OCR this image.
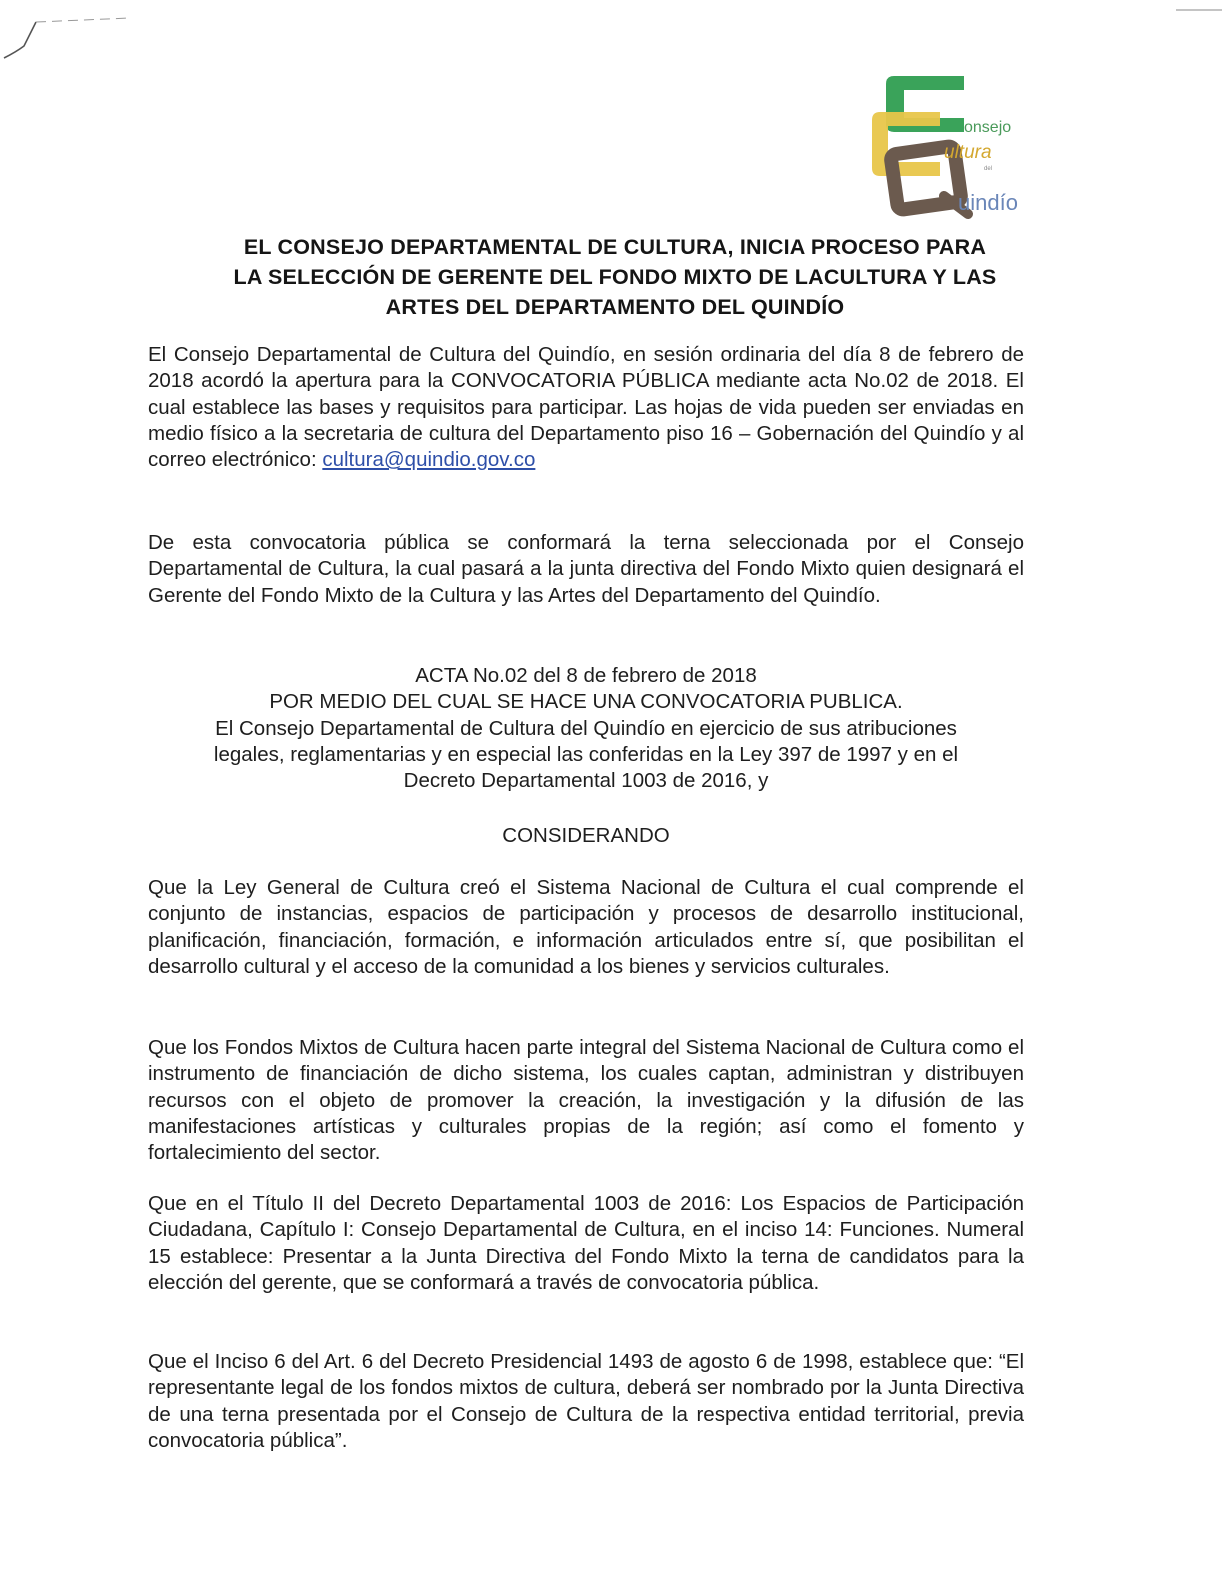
onsejo
ultura
del
uindío
EL CONSEJO DEPARTAMENTAL DE CULTURA, INICIA PROCESO PARA
LA SELECCIÓN DE GERENTE DEL FONDO MIXTO DE LACULTURA Y LAS
ARTES DEL DEPARTAMENTO DEL QUINDÍO
El Consejo Departamental de Cultura del Quindío, en sesión ordinaria del día 8 de febrero de 2018 acordó la apertura para la CONVOCATORIA PÚBLICA mediante acta No.02 de 2018. El cual establece las bases y requisitos para participar. Las hojas de vida pueden ser enviadas en medio físico a la secretaria de cultura del Departamento piso 16 – Gobernación del Quindío y al correo electrónico: cultura@quindio.gov.co
De esta convocatoria pública se conformará la terna seleccionada por el Consejo Departamental de Cultura, la cual pasará a la junta directiva del Fondo Mixto quien designará el Gerente del Fondo Mixto de la Cultura y las Artes del Departamento del Quindío.
ACTA No.02 del 8 de febrero de 2018
POR MEDIO DEL CUAL SE HACE UNA CONVOCATORIA PUBLICA.
El Consejo Departamental de Cultura del Quindío en ejercicio de sus atribuciones
legales, reglamentarias y en especial las conferidas en la Ley 397 de 1997 y en el
Decreto Departamental 1003 de 2016, y
CONSIDERANDO
Que la Ley General de Cultura creó el Sistema Nacional de Cultura el cual comprende el conjunto de instancias, espacios de participación y procesos de desarrollo institucional, planificación, financiación, formación, e información articulados entre sí, que posibilitan el desarrollo cultural y el acceso de la comunidad a los bienes y servicios culturales.
Que los Fondos Mixtos de Cultura hacen parte integral del Sistema Nacional de Cultura como el instrumento de financiación de dicho sistema, los cuales captan, administran y distribuyen recursos con el objeto de promover la creación, la investigación y la difusión de las manifestaciones artísticas y culturales propias de la región; así como el fomento y fortalecimiento del sector.
Que en el Título II del Decreto Departamental 1003 de 2016: Los Espacios de Participación Ciudadana, Capítulo I: Consejo Departamental de Cultura, en el inciso 14: Funciones. Numeral 15 establece: Presentar a la Junta Directiva del Fondo Mixto la terna de candidatos para la elección del gerente, que se conformará a través de convocatoria pública.
Que el Inciso 6 del Art. 6 del Decreto Presidencial 1493 de agosto 6 de 1998, establece que: “El representante legal de los fondos mixtos de cultura, deberá ser nombrado por la Junta Directiva de una terna presentada por el Consejo de Cultura de la respectiva entidad territorial, previa convocatoria pública”.
